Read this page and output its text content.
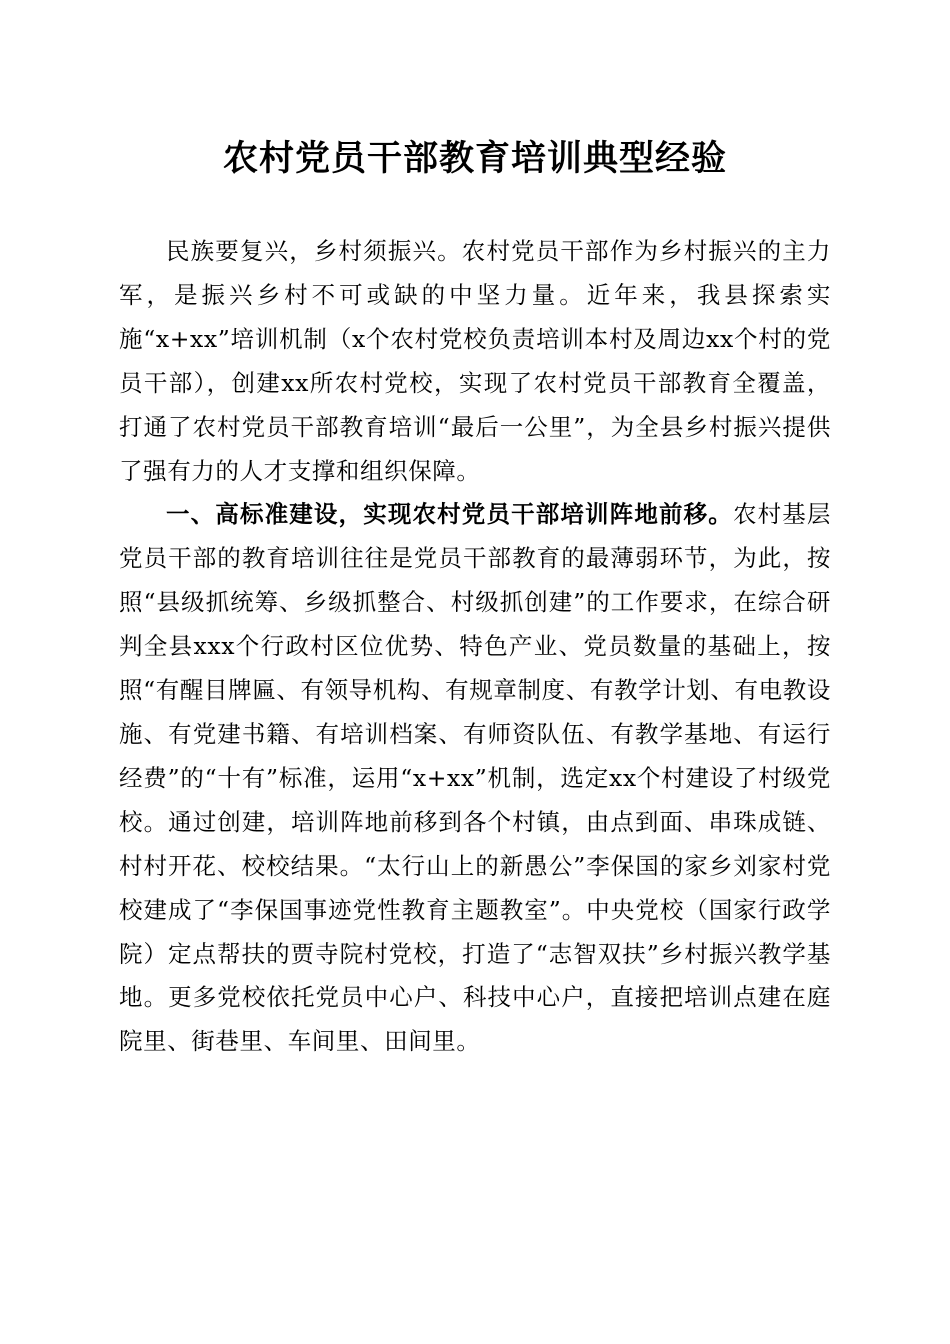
农村党员干部教育培训典型经验

民族要复兴，乡村须振兴。农村党员干部作为乡村振兴的主力军，是振兴乡村不可或缺的中坚力量。近年来，我县探索实施“x+xx”培训机制（x个农村党校负责培训本村及周边xx个村的党员干部），创建xx所农村党校，实现了农村党员干部教育全覆盖，打通了农村党员干部教育培训“最后一公里”，为全县乡村振兴提供了强有力的人才支撑和组织保障。

一、高标准建设，实现农村党员干部培训阵地前移。农村基层党员干部的教育培训往往是党员干部教育的最薄弱环节，为此，按照“县级抓统筹、乡级抓整合、村级抓创建”的工作要求，在综合研判全县xxx个行政村区位优势、特色产业、党员数量的基础上，按照“有醒目牌匾、有领导机构、有规章制度、有教学计划、有电教设施、有党建书籍、有培训档案、有师资队伍、有教学基地、有运行经费”的“十有”标准，运用“x+xx”机制，选定xx个村建设了村级党校。通过创建，培训阵地前移到各个村镇，由点到面、串珠成链、村村开花、校校结果。“太行山上的新愚公”李保国的家乡刘家村党校建成了“李保国事迹党性教育主题教室”。中央党校（国家行政学院）定点帮扶的贾寺院村党校，打造了“志智双扶”乡村振兴教学基地。更多党校依托党员中心户、科技中心户，直接把培训点建在庭院里、街巷里、车间里、田间里。
